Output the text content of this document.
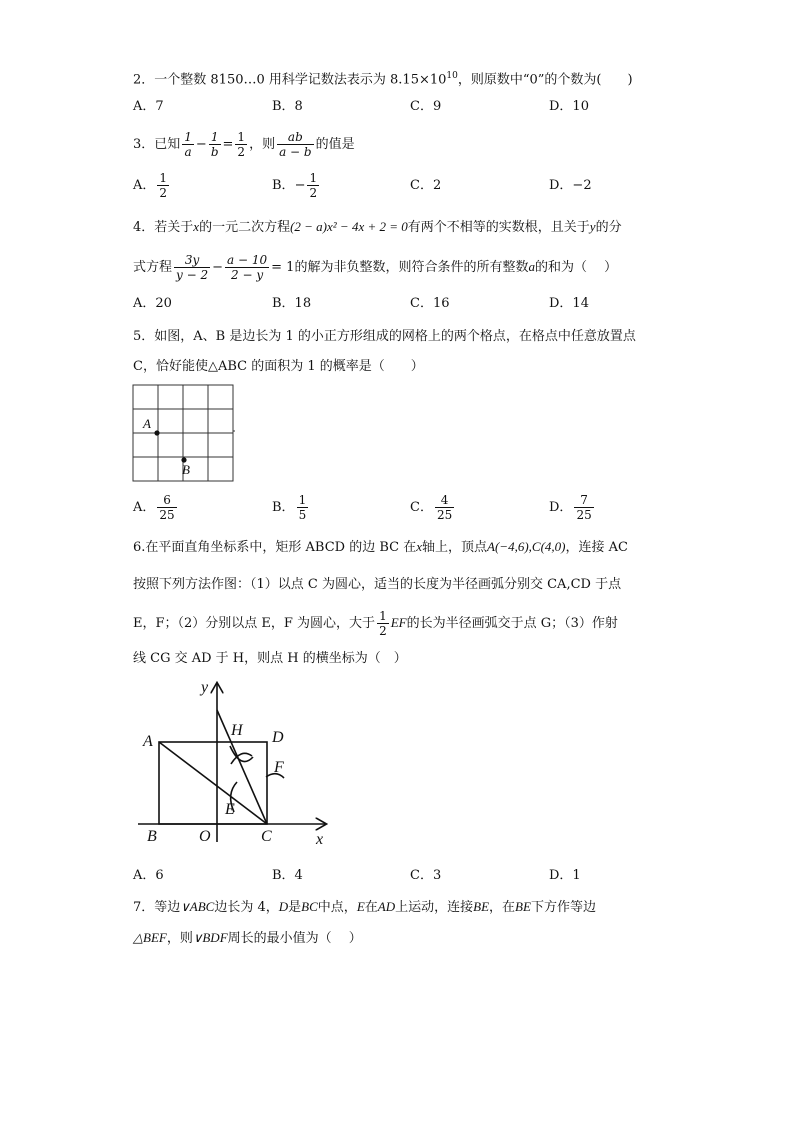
2．一个整数 8150…0 用科学记数法表示为 $8.15\times 10^{10}$，则原数中“0”的个数为(　　)
A．7	B．8	C．9	D．10
3．已知 $\frac{1}{a} - \frac{1}{b} = \frac{1}{2}$ ，则 $\frac{ab}{a - b}$ 的值是
A． $\frac{1}{2}$	B．− $\frac{1}{2}$	C．2	D．−2
4．若关于x的一元二次方程(2 − a)x² − 4x + 2 = 0有两个不相等的实数根，且关于y的分
式方程 $\frac{3y}{y - 2} - \frac{a - 10}{2 - y} = 1$的解为非负整数，则符合条件的所有整数a的和为（　 ）
A．20	B．18	C．16	D．14
5．如图，A、B 是边长为 1 的小正方形组成的网格上的两个格点，在格点中任意放置点
C，恰好能使△ABC 的面积为 1 的概率是（　　）
A
B
A． $\frac{6}{25}$	B． $\frac{1}{5}$	C． $\frac{4}{25}$	D． $\frac{7}{25}$
6.在平面直角坐标系中，矩形 ABCD 的边 BC 在x轴上，顶点A(−4,6),C(4,0)，连接 AC
按照下列方法作图：（1）以点 C 为圆心，适当的长度为半径画弧分别交 CA,CD 于点
E，F；（2）分别以点 E，F 为圆心，大于 $\frac{1}{2}$ EF的长为半径画弧交于点 G；（3）作射
线 CG 交 AD 于 H，则点 H 的横坐标为（　）
y
x
A	D
B	O	C
E
F
H
A．6	B．4	C．3	D．1
7．等边∨ABC边长为 4，D是BC中点，E在AD上运动，连接BE，在BE下方作等边
△BEF，则∨BDF周长的最小值为（　 ）
